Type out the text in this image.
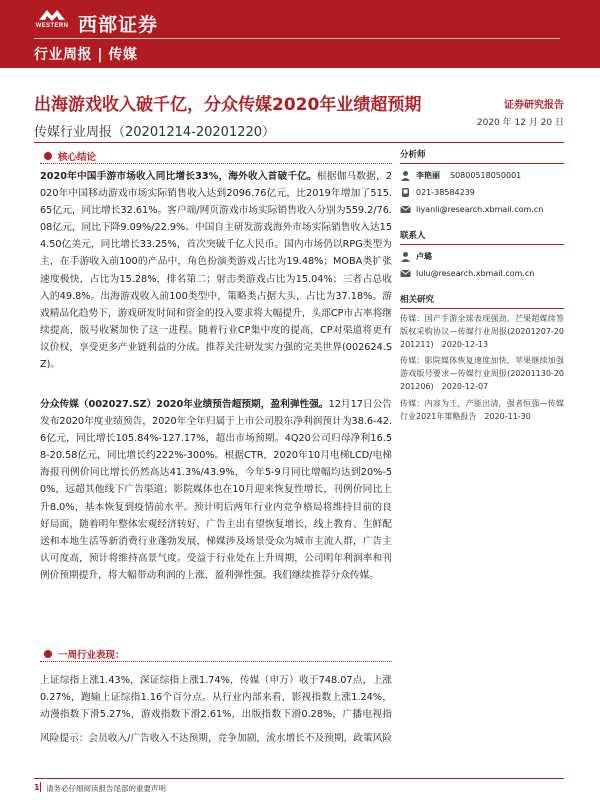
WESTERN 西部证券
行业周报 | 传媒
出海游戏收入破千亿，分众传媒2020年业绩超预期	证券研究报告
传媒行业周报（20201214-20201220）
2020 年 12 月 20 日
核心结论

2020年中国手游市场收入同比增长33%，海外收入首破千亿。根据伽马数据，2020年中国移动游戏市场实际销售收入达到2096.76亿元，比2019年增加了515.65亿元，同比增长32.61%。客户端/网页游戏市场实际销售收入分别为559.2/76.08亿元，同比下降9.09%/22.9%。中国自主研发游戏海外市场实际销售收入达154.50亿美元，同比增长33.25%，首次突破千亿人民币。国内市场仍以RPG类型为主，在手游收入前100的产品中，角色扮演类游戏占比为19.48%；MOBA类扩张速度极快，占比为15.28%，排名第二；射击类游戏占比为15.04%；三者占总收入的49.8%。出海游戏收入前100类型中，策略类占据大头，占比为37.18%。游戏精品化趋势下，游戏研发时间和资金的投入要求将大幅提升，头部CP市占率将继续提高，版号收紧加快了这一进程。随着行业CP集中度的提高，CP对渠道将更有议价权，享受更多产业链利益的分成。推荐关注研发实力强的完美世界(002624.SZ)。

分众传媒（002027.SZ）2020年业绩预告超预期，盈利弹性强。12月17日公告发布2020年度业绩预告，2020年全年归属于上市公司股东净利润预计为38.6-42.6亿元，同比增长105.84%-127.17%，超出市场预期。4Q20公司归母净利16.58-20.58亿元，同比增长约222%-300%。根据CTR，2020年10月电梯LCD/电梯海报刊例价同比增长仍然高达41.3%/43.9%，今年5-9月同比增幅均达到20%-50%，远超其他线下广告渠道；影院媒体也在10月迎来恢复性增长，刊例价同比上升8.0%，基本恢复到疫情前水平。预计明后两年行业内竞争格局将维持目前的良好局面，随着明年整体宏观经济转好，广告主出有望恢复增长，线上教育、生鲜配送和本地生活等新消费行业蓬勃发展，梯媒涉及场景受众为城市主流人群，广告主认可度高，预计将维持高景气度。受益于行业处在上升周期，公司明年利润率和刊例价预期提升，将大幅带动利润的上涨，盈利弹性强。我们继续推荐分众传媒。

一周行业表现：

上证综指上涨1.43%，深证综指上涨1.74%，传媒（申万）收于748.07点，上涨0.27%，跑输上证综指1.16个百分点。从行业内部来看，影视指数上涨1.24%，动漫指数下滑5.27%，游戏指数下滑2.61%，出版指数下滑0.28%，广播电视指

风险提示：会员收入/广告收入不达预期，竞争加剧，流水增长不及预期，政策风险

分析师
李艳丽 S0800518050001
021-38584239
liyanli@research.xbmail.com.cn
联系人
卢璐
lulu@research.xbmail.com.cn
相关研究
传媒：国产手游全球表现强劲，芒果超媒续签版权采购协议—传媒行业周报(20201207-20201211)　2020-12-13
传媒：影院媒体恢复速度加快，苹果继续加强游戏版号要求—传媒行业周报(20201130-20201206)　2020-12-07
传媒：内容为王，产能出清，强者恒强—传媒行业2021年策略报告　2020-11-30
1 请务必仔细阅读报告尾部的重要声明
